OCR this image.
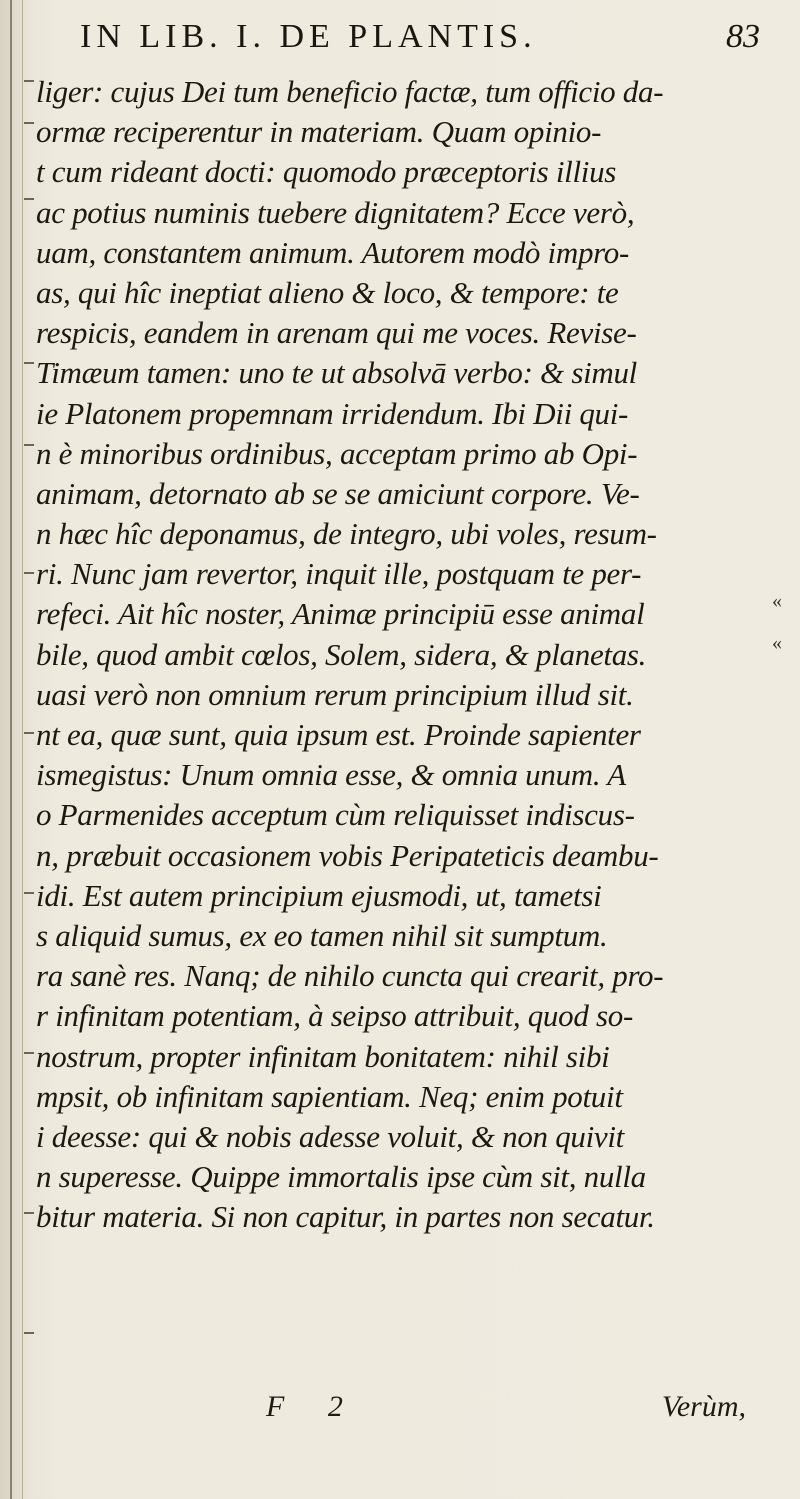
IN LIB. I. DE PLANTIS.	83
liger: cujus Dei tum beneficio factæ, tum officio da-
ormæ reciperentur in materiam. Quam opinio-
t cum rideant docti: quomodo præceptoris illius
ac potius numinis tuebere dignitatem? Ecce verò,
uam, constantem animum. Autorem modò impro-
as, qui hîc ineptiat alieno & loco, & tempore: te
respicis, eandem in arenam qui me voces. Revise-
Timæum tamen: uno te ut absolvā verbo: & simul
ie Platonem propemnam irridendum. Ibi Dii qui-
n è minoribus ordinibus, acceptam primo ab Opi-
animam, detornato ab se se amiciunt corpore. Ve-
n hæc hîc deponamus, de integro, ubi voles, resum-
ri. Nunc jam revertor, inquit ille, postquam te per-
refeci. Ait hîc noster, Animæ principiū esse animal
bile, quod ambit cœlos, Solem, sidera, & planetas.
uasi verò non omnium rerum principium illud sit.
nt ea, quæ sunt, quia ipsum est. Proinde sapienter
ismegistus: Unum omnia esse, & omnia unum. A
o Parmenides acceptum cùm reliquisset indiscus-
n, præbuit occasionem vobis Peripateticis deambu-
idi. Est autem principium ejusmodi, ut, tametsi
s aliquid sumus, ex eo tamen nihil sit sumptum.
ra sanè res. Nanq; de nihilo cuncta qui crearit, pro-
r infinitam potentiam, à seipso attribuit, quod so-
nostrum, propter infinitam bonitatem: nihil sibi
mpsit, ob infinitam sapientiam. Neq; enim potuit
i deesse: qui & nobis adesse voluit, & non quivit
n superesse. Quippe immortalis ipse cùm sit, nulla
bitur materia. Si non capitur, in partes non secatur.
«
«
F 2	Verùm,
